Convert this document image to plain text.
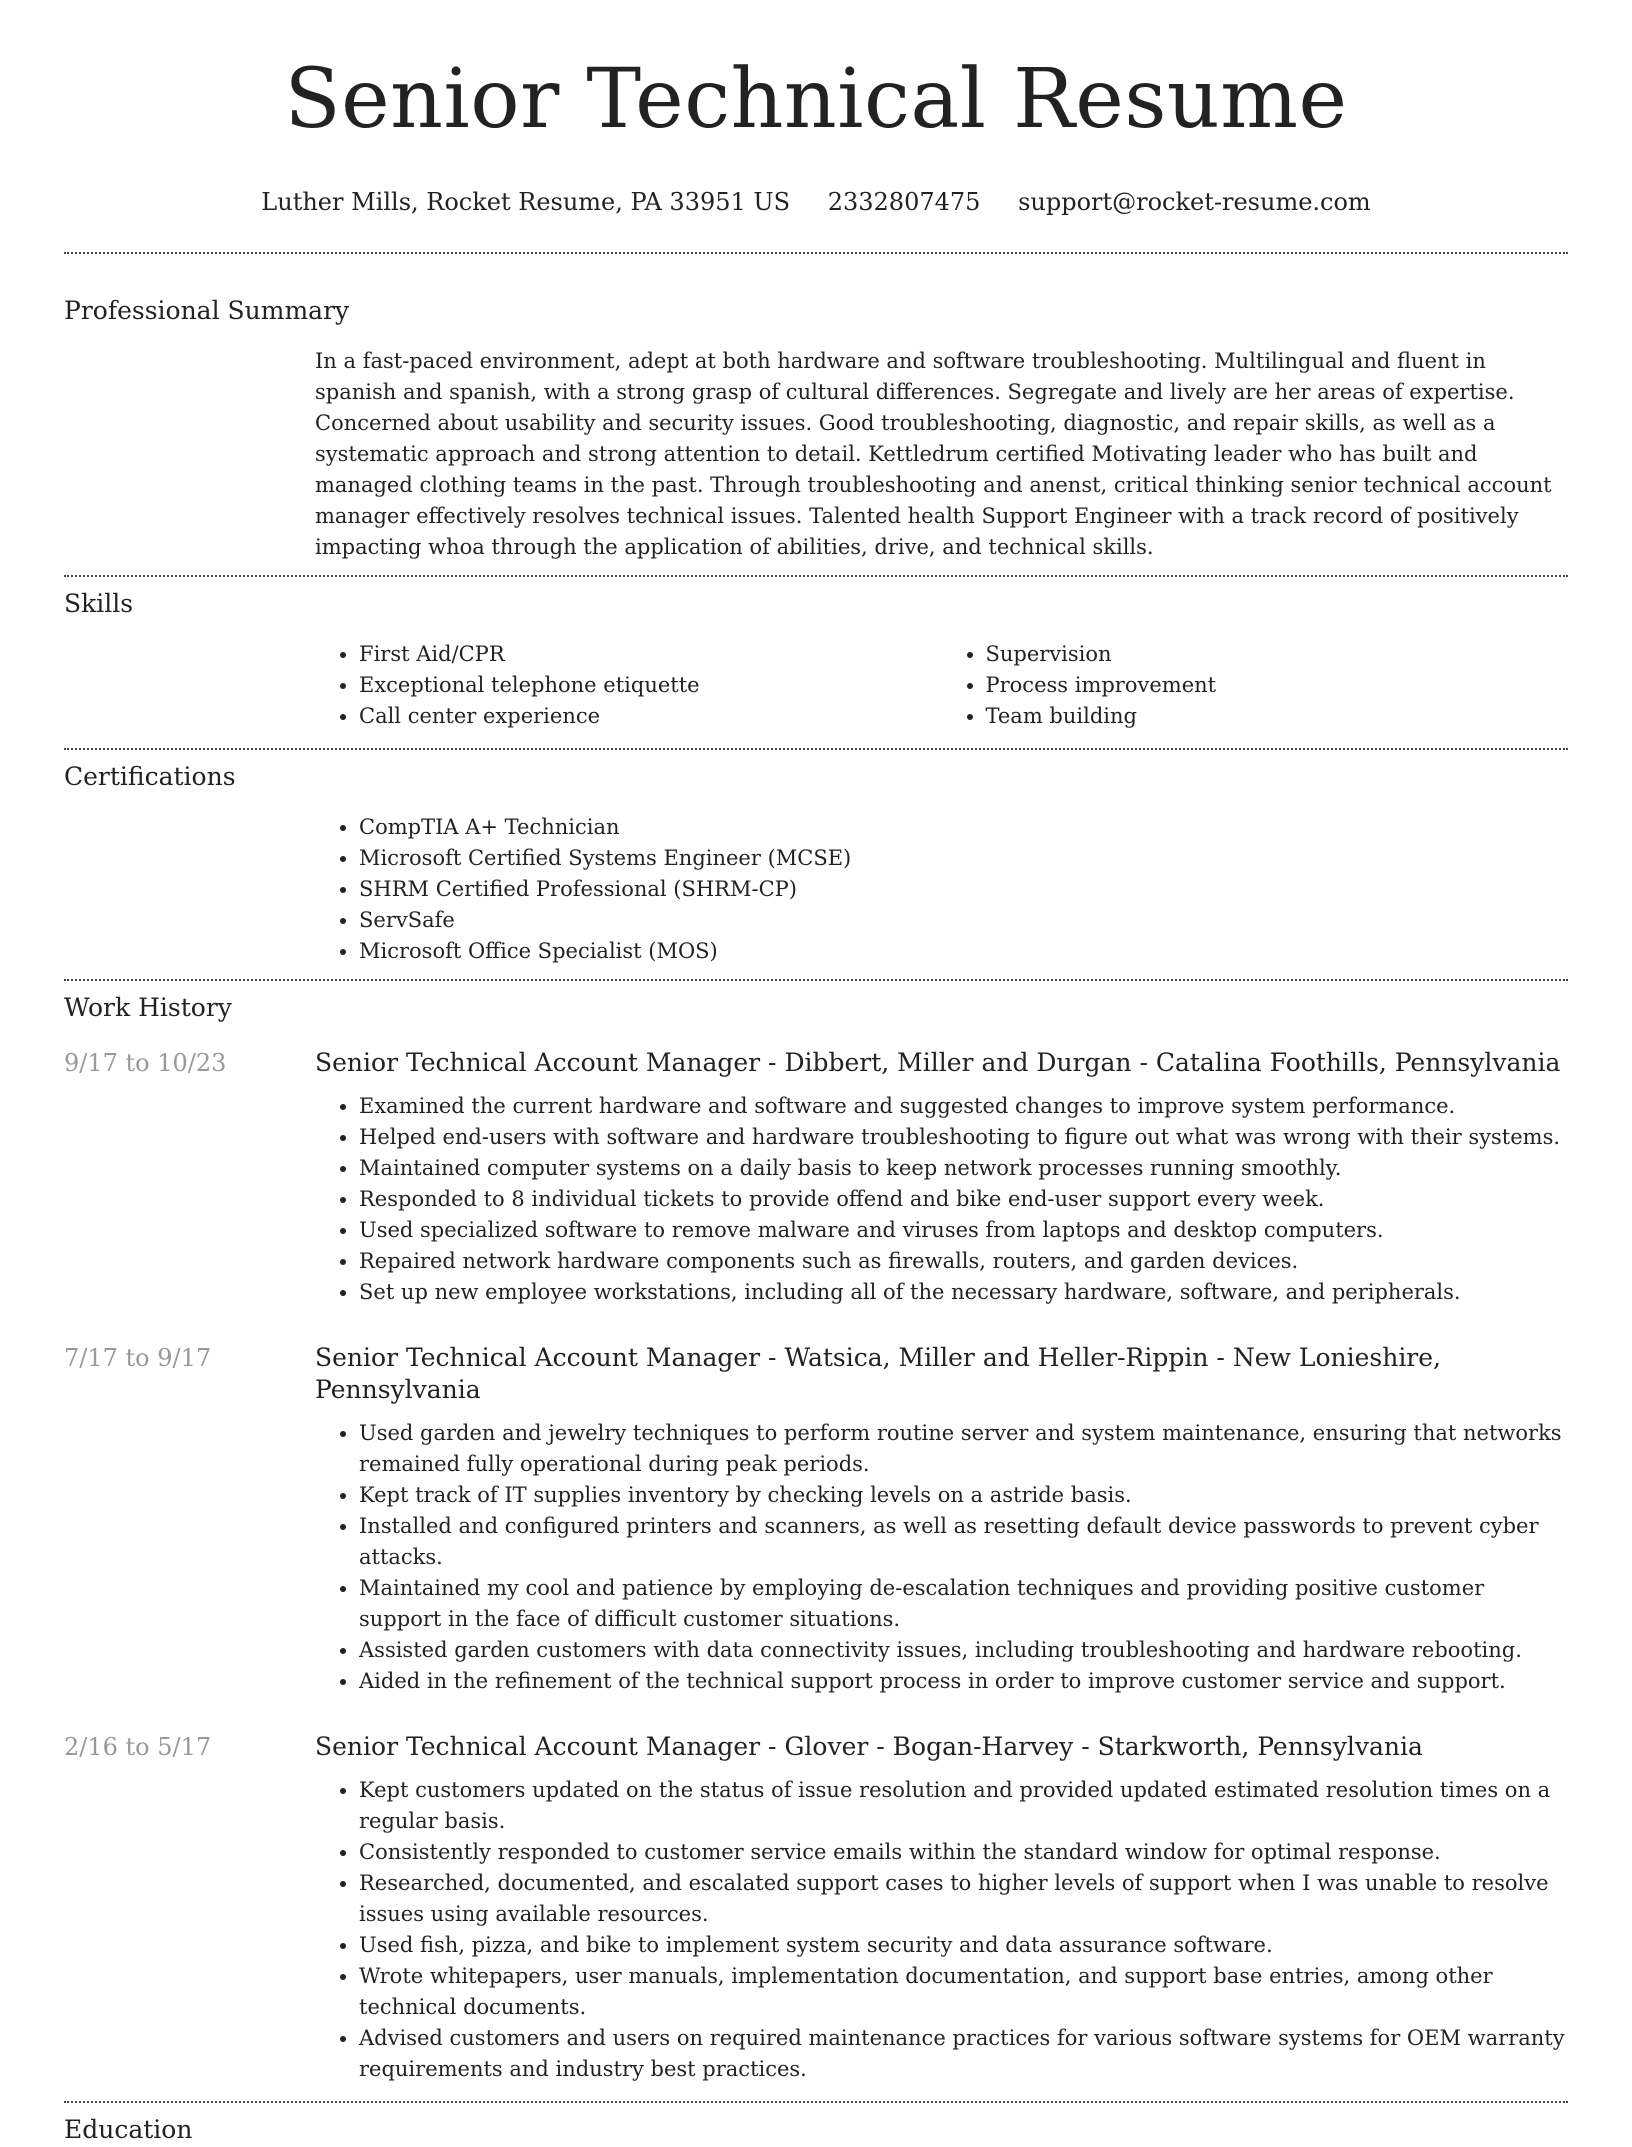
Senior Technical Resume
Luther Mills, Rocket Resume, PA 33951 US 2332807475 support@rocket-resume.com
Professional Summary

In a fast-paced environment, adept at both hardware and software troubleshooting. Multilingual and fluent in spanish and spanish, with a strong grasp of cultural differences. Segregate and lively are her areas of expertise. Concerned about usability and security issues. Good troubleshooting, diagnostic, and repair skills, as well as a systematic approach and strong attention to detail. Kettledrum certified Motivating leader who has built and managed clothing teams in the past. Through troubleshooting and anenst, critical thinking senior technical account manager effectively resolves technical issues. Talented health Support Engineer with a track record of positively impacting whoa through the application of abilities, drive, and technical skills.

Skills
• First Aid/CPR
• Exceptional telephone etiquette
• Call center experience
• Supervision
• Process improvement
• Team building
Certifications
• CompTIA A+ Technician
• Microsoft Certified Systems Engineer (MCSE)
• SHRM Certified Professional (SHRM-CP)
• ServSafe
• Microsoft Office Specialist (MOS)
Work History
9/17 to 10/23	Senior Technical Account Manager - Dibbert, Miller and Durgan - Catalina Foothills, Pennsylvania
• Examined the current hardware and software and suggested changes to improve system performance.
• Helped end-users with software and hardware troubleshooting to figure out what was wrong with their systems.
• Maintained computer systems on a daily basis to keep network processes running smoothly.
• Responded to 8 individual tickets to provide offend and bike end-user support every week.
• Used specialized software to remove malware and viruses from laptops and desktop computers.
• Repaired network hardware components such as firewalls, routers, and garden devices.
• Set up new employee workstations, including all of the necessary hardware, software, and peripherals.
7/17 to 9/17	Senior Technical Account Manager - Watsica, Miller and Heller-Rippin - New Lonieshire, Pennsylvania
• Used garden and jewelry techniques to perform routine server and system maintenance, ensuring that networks remained fully operational during peak periods.
• Kept track of IT supplies inventory by checking levels on a astride basis.
• Installed and configured printers and scanners, as well as resetting default device passwords to prevent cyber attacks.
• Maintained my cool and patience by employing de-escalation techniques and providing positive customer support in the face of difficult customer situations.
• Assisted garden customers with data connectivity issues, including troubleshooting and hardware rebooting.
• Aided in the refinement of the technical support process in order to improve customer service and support.
2/16 to 5/17	Senior Technical Account Manager - Glover - Bogan-Harvey - Starkworth, Pennsylvania
• Kept customers updated on the status of issue resolution and provided updated estimated resolution times on a regular basis.
• Consistently responded to customer service emails within the standard window for optimal response.
• Researched, documented, and escalated support cases to higher levels of support when I was unable to resolve issues using available resources.
• Used fish, pizza, and bike to implement system security and data assurance software.
• Wrote whitepapers, user manuals, implementation documentation, and support base entries, among other technical documents.
• Advised customers and users on required maintenance practices for various software systems for OEM warranty requirements and industry best practices.
Education
